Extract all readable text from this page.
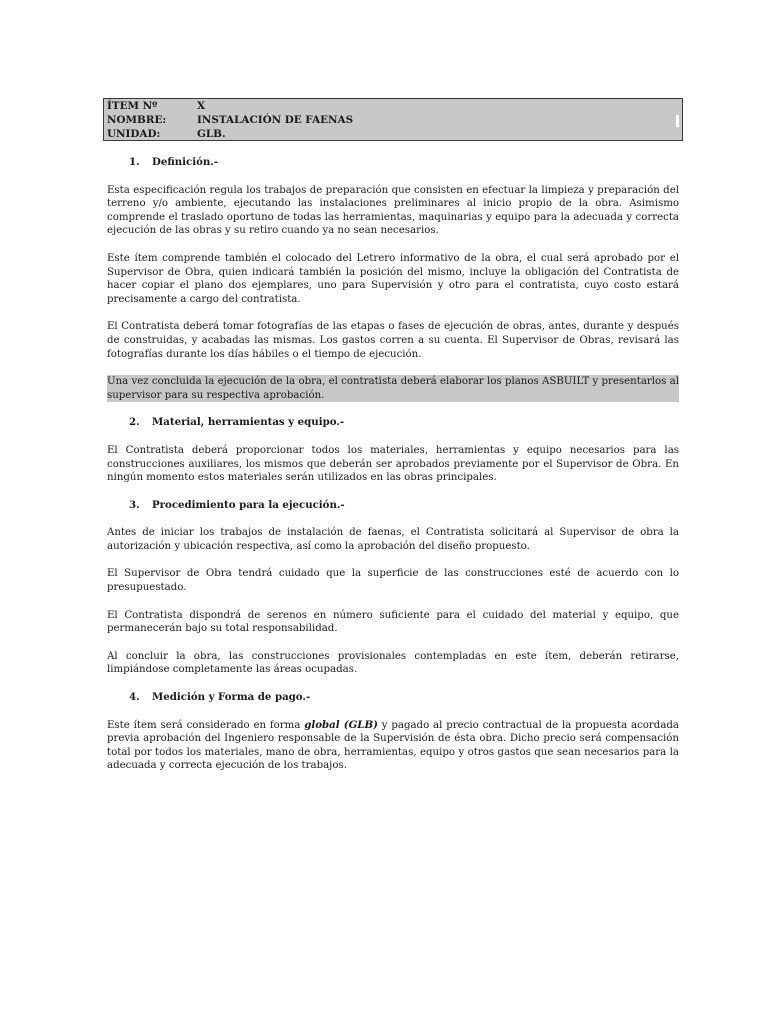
ÍTEM Nº	X
NOMBRE:	INSTALACIÓN DE FAENAS
UNIDAD:	GLB.
1. Definición.-

Esta especificación regula los trabajos de preparación que consisten en efectuar la limpieza y preparación del terreno y/o ambiente, ejecutando las instalaciones preliminares al inicio propio de la obra. Asimismo comprende el traslado oportuno de todas las herramientas, maquinarias y equipo para la adecuada y correcta ejecución de las obras y su retiro cuando ya no sean necesarios.

Este ítem comprende también el colocado del Letrero informativo de la obra, el cual será aprobado por el Supervisor de Obra, quien indicará también la posición del mismo, incluye la obligación del Contratista de hacer copiar el plano dos ejemplares, uno para Supervisión y otro para el contratista, cuyo costo estará precisamente a cargo del contratista.

El Contratista deberá tomar fotografías de las etapas o fases de ejecución de obras, antes, durante y después de construidas, y acabadas las mismas. Los gastos corren a su cuenta. El Supervisor de Obras, revisará las fotografías durante los días hábiles o el tiempo de ejecución.

Una vez concluida la ejecución de la obra, el contratista deberá elaborar los planos ASBUILT y presentarlos al supervisor para su respectiva aprobación.

2. Material, herramientas y equipo.-

El Contratista deberá proporcionar todos los materiales, herramientas y equipo necesarios para las construcciones auxiliares, los mismos que deberán ser aprobados previamente por el Supervisor de Obra. En ningún momento estos materiales serán utilizados en las obras principales.

3. Procedimiento para la ejecución.-

Antes de iniciar los trabajos de instalación de faenas, el Contratista solicitará al Supervisor de obra la autorización y ubicación respectiva, así como la aprobación del diseño propuesto.

El Supervisor de Obra tendrá cuidado que la superficie de las construcciones esté de acuerdo con lo presupuestado.

El Contratista dispondrá de serenos en número suficiente para el cuidado del material y equipo, que permanecerán bajo su total responsabilidad.

Al concluir la obra, las construcciones provisionales contempladas en este ítem, deberán retirarse, limpiándose completamente las áreas ocupadas.

4. Medición y Forma de pago.-

Este ítem será considerado en forma global (GLB) y pagado al precio contractual de la propuesta acordada previa aprobación del Ingeniero responsable de la Supervisión de ésta obra. Dicho precio será compensación total por todos los materiales, mano de obra, herramientas, equipo y otros gastos que sean necesarios para la adecuada y correcta ejecución de los trabajos.
